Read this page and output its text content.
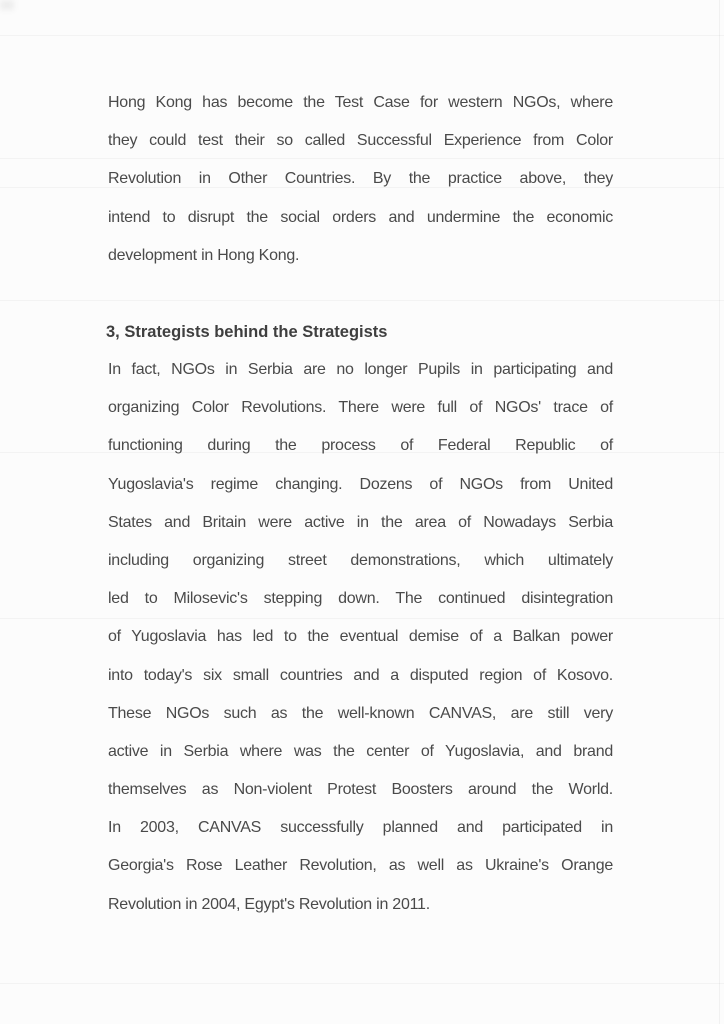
Hong Kong has become the Test Case for western NGOs, where
they could test their so called Successful Experience from Color
Revolution in Other Countries. By the practice above, they
intend to disrupt the social orders and undermine the economic
development in Hong Kong.
3, Strategists behind the Strategists
In fact, NGOs in Serbia are no longer Pupils in participating and
organizing Color Revolutions. There were full of NGOs' trace of
functioning during the process of Federal Republic of
Yugoslavia's regime changing. Dozens of NGOs from United
States and Britain were active in the area of Nowadays Serbia
including organizing street demonstrations, which ultimately
led to Milosevic's stepping down. The continued disintegration
of Yugoslavia has led to the eventual demise of a Balkan power
into today's six small countries and a disputed region of Kosovo.
These NGOs such as the well-known CANVAS, are still very
active in Serbia where was the center of Yugoslavia, and brand
themselves as Non-violent Protest Boosters around the World.
In 2003, CANVAS successfully planned and participated in
Georgia's Rose Leather Revolution, as well as Ukraine's Orange
Revolution in 2004, Egypt's Revolution in 2011.
